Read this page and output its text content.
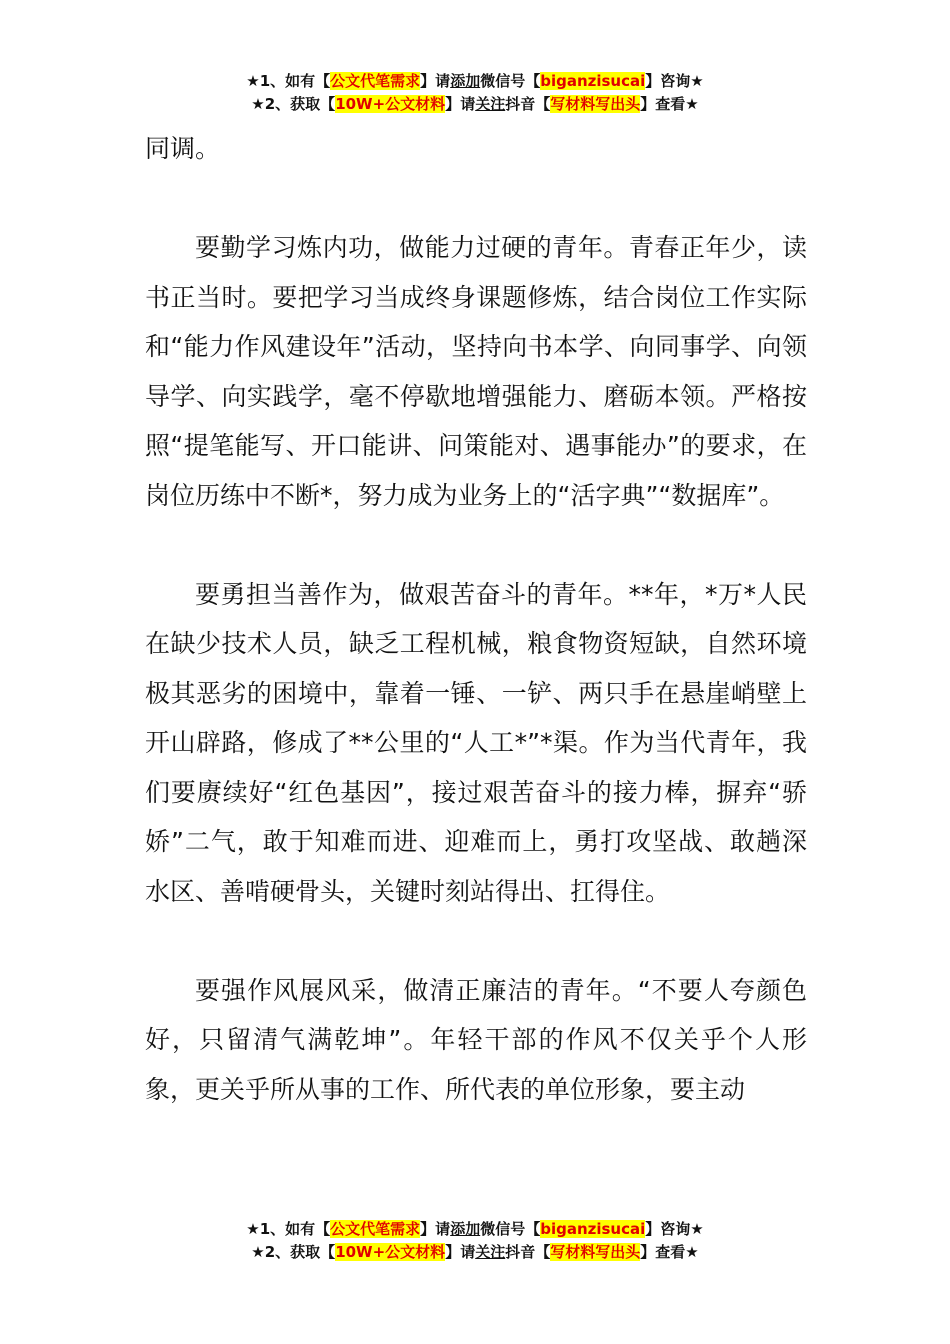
★1、如有【公文代笔需求】请添加微信号【biganzisucai】咨询★
★2、获取【10W+公文材料】请关注抖音【写材料写出头】查看★

同调。

要勤学习炼内功，做能力过硬的青年。青春正年少，读书正当时。要把学习当成终身课题修炼，结合岗位工作实际和“能力作风建设年”活动，坚持向书本学、向同事学、向领导学、向实践学，毫不停歇地增强能力、磨砺本领。严格按照“提笔能写、开口能讲、问策能对、遇事能办”的要求，在岗位历练中不断*，努力成为业务上的“活字典”“数据库”。

要勇担当善作为，做艰苦奋斗的青年。**年，*万*人民在缺少技术人员，缺乏工程机械，粮食物资短缺，自然环境极其恶劣的困境中，靠着一锤、一铲、两只手在悬崖峭壁上开山辟路，修成了**公里的“人工*”*渠。作为当代青年，我们要赓续好“红色基因”，接过艰苦奋斗的接力棒，摒弃“骄娇”二气，敢于知难而进、迎难而上，勇打攻坚战、敢趟深水区、善啃硬骨头，关键时刻站得出、扛得住。

要强作风展风采，做清正廉洁的青年。“不要人夸颜色好，只留清气满乾坤”。年轻干部的作风不仅关乎个人形象，更关乎所从事的工作、所代表的单位形象，要主动

★1、如有【公文代笔需求】请添加微信号【biganzisucai】咨询★
★2、获取【10W+公文材料】请关注抖音【写材料写出头】查看★
